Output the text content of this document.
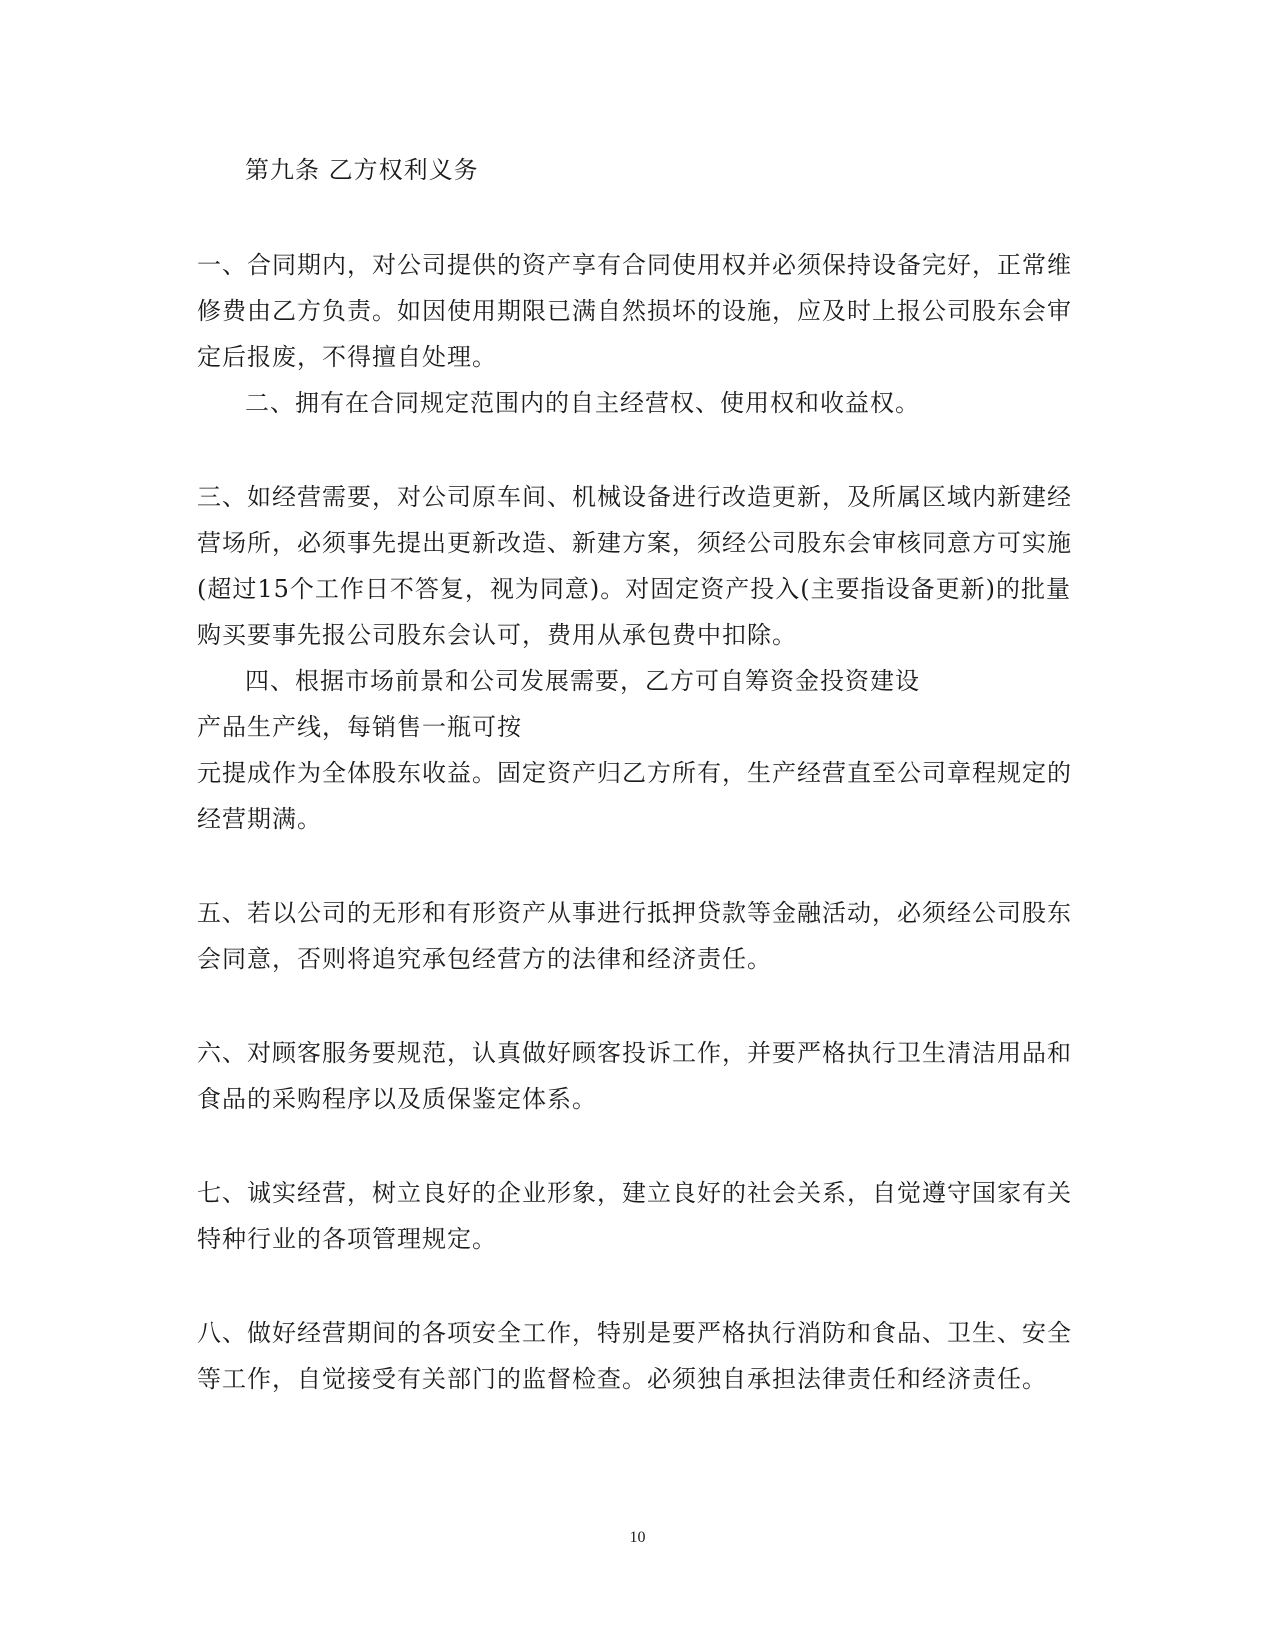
第九条 乙方权利义务
一、合同期内，对公司提供的资产享有合同使用权并必须保持设备完好，正常维
修费由乙方负责。如因使用期限已满自然损坏的设施，应及时上报公司股东会审
定后报废，不得擅自处理。
二、拥有在合同规定范围内的自主经营权、使用权和收益权。
三、如经营需要，对公司原车间、机械设备进行改造更新，及所属区域内新建经
营场所，必须事先提出更新改造、新建方案，须经公司股东会审核同意方可实施
(超过15个工作日不答复，视为同意)。对固定资产投入(主要指设备更新)的批量
购买要事先报公司股东会认可，费用从承包费中扣除。
四、根据市场前景和公司发展需要，乙方可自筹资金投资建设
产品生产线，每销售一瓶可按
元提成作为全体股东收益。固定资产归乙方所有，生产经营直至公司章程规定的
经营期满。
五、若以公司的无形和有形资产从事进行抵押贷款等金融活动，必须经公司股东
会同意，否则将追究承包经营方的法律和经济责任。
六、对顾客服务要规范，认真做好顾客投诉工作，并要严格执行卫生清洁用品和
食品的采购程序以及质保鉴定体系。
七、诚实经营，树立良好的企业形象，建立良好的社会关系，自觉遵守国家有关
特种行业的各项管理规定。
八、做好经营期间的各项安全工作，特别是要严格执行消防和食品、卫生、安全
等工作，自觉接受有关部门的监督检查。必须独自承担法律责任和经济责任。
10
